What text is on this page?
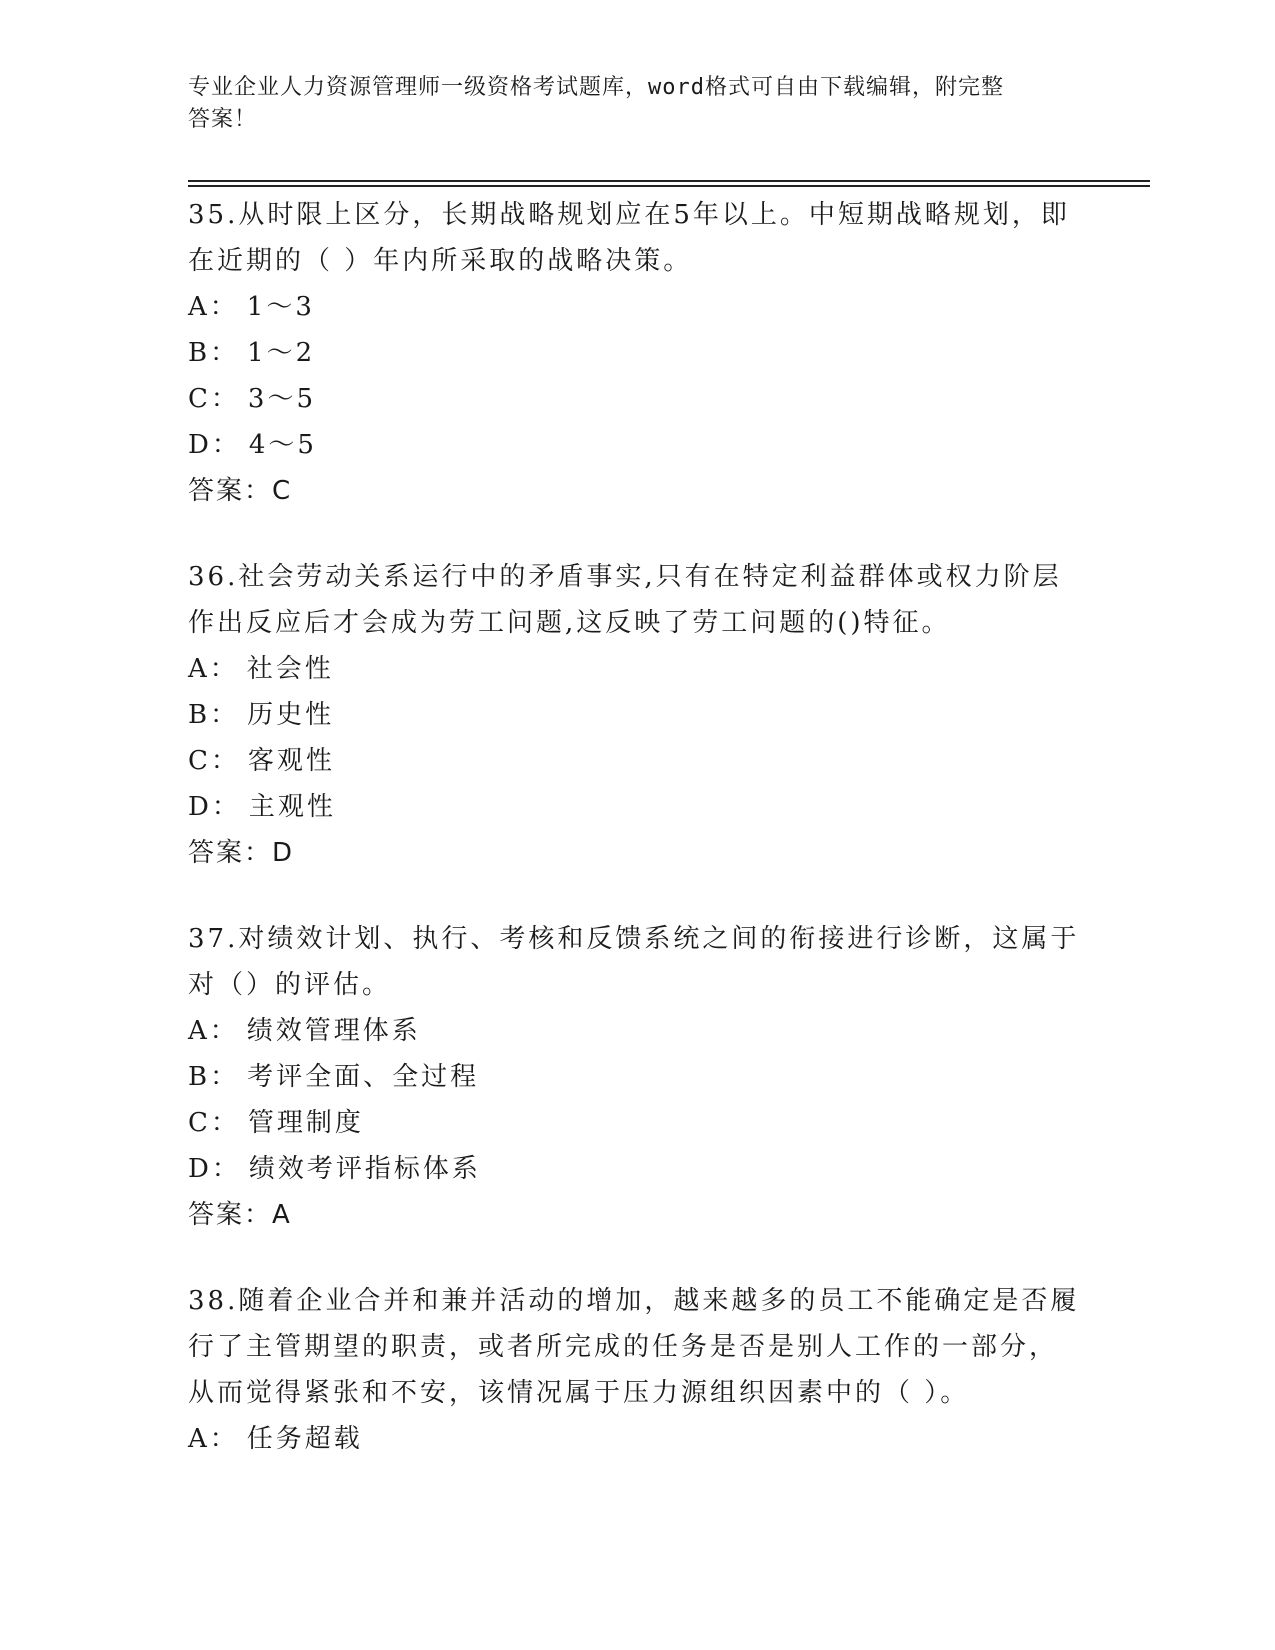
专业企业人力资源管理师一级资格考试题库，word格式可自由下载编辑，附完整
答案！
35.从时限上区分，长期战略规划应在5年以上。中短期战略规划，即
在近期的（ ）年内所采取的战略决策。
A： 1～3
B： 1～2
C： 3～5
D： 4～5
答案：C
36.社会劳动关系运行中的矛盾事实,只有在特定利益群体或权力阶层
作出反应后才会成为劳工问题,这反映了劳工问题的()特征。
A： 社会性
B： 历史性
C： 客观性
D： 主观性
答案：D
37.对绩效计划、执行、考核和反馈系统之间的衔接进行诊断，这属于
对（）的评估。
A： 绩效管理体系
B： 考评全面、全过程
C： 管理制度
D： 绩效考评指标体系
答案：A
38.随着企业合并和兼并活动的增加，越来越多的员工不能确定是否履
行了主管期望的职责，或者所完成的任务是否是别人工作的一部分，
从而觉得紧张和不安，该情况属于压力源组织因素中的（ ）。
A： 任务超载
